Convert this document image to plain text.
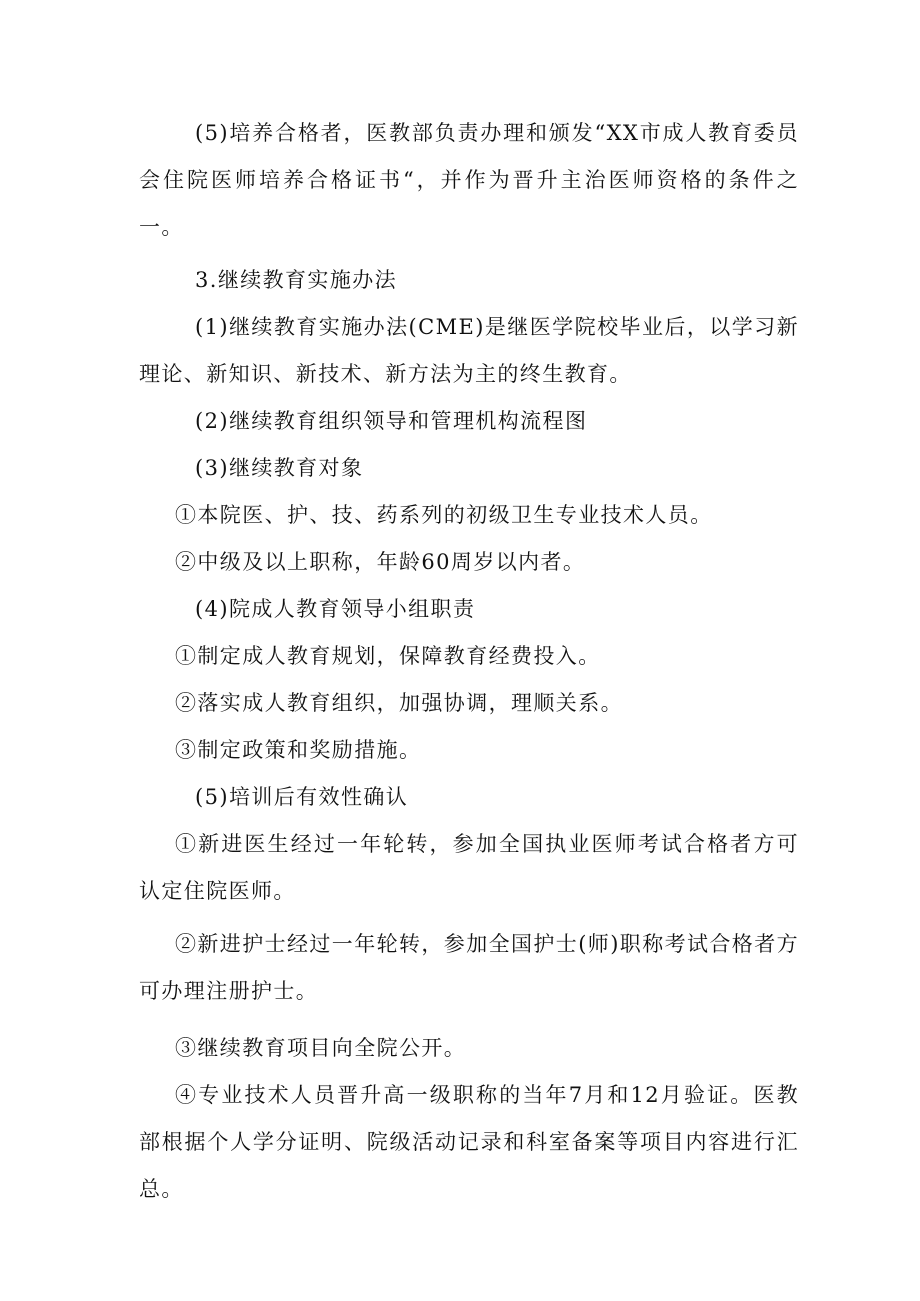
(5)培养合格者，医教部负责办理和颁发“XX市成人教育委员会住院医师培养合格证书“，并作为晋升主治医师资格的条件之一。

3.继续教育实施办法

(1)继续教育实施办法(CME)是继医学院校毕业后，以学习新理论、新知识、新技术、新方法为主的终生教育。

(2)继续教育组织领导和管理机构流程图

(3)继续教育对象

①本院医、护、技、药系列的初级卫生专业技术人员。

②中级及以上职称，年龄60周岁以内者。

(4)院成人教育领导小组职责

①制定成人教育规划，保障教育经费投入。

②落实成人教育组织，加强协调，理顺关系。

③制定政策和奖励措施。

(5)培训后有效性确认

①新进医生经过一年轮转，参加全国执业医师考试合格者方可认定住院医师。

②新进护士经过一年轮转，参加全国护士(师)职称考试合格者方可办理注册护士。

③继续教育项目向全院公开。

④专业技术人员晋升高一级职称的当年7月和12月验证。医教部根据个人学分证明、院级活动记录和科室备案等项目内容进行汇总。
